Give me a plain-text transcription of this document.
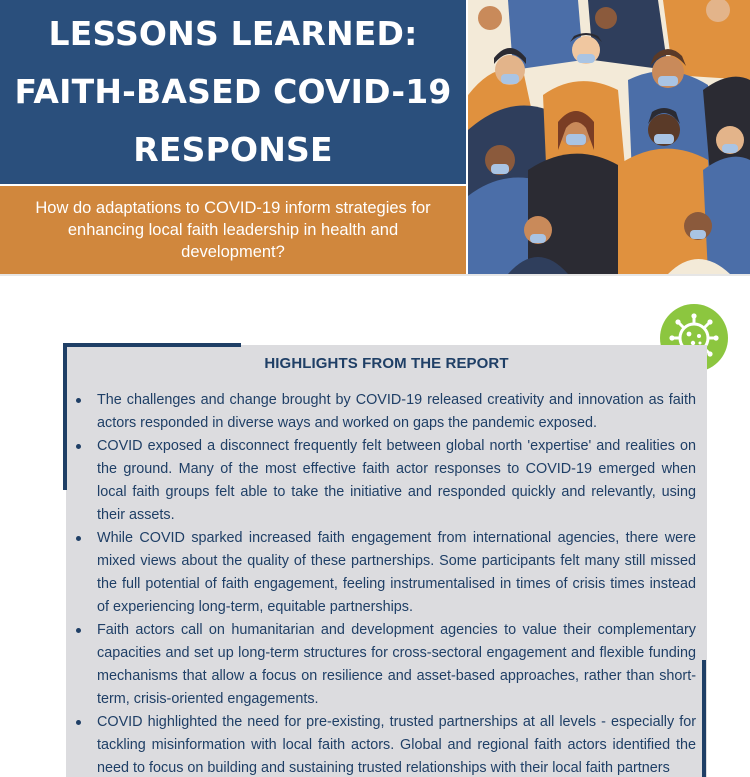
LESSONS LEARNED:
FAITH-BASED COVID-19
RESPONSE
How do adaptations to COVID-19 inform strategies for enhancing local faith leadership in health and development?
HIGHLIGHTS FROM THE REPORT
The challenges and change brought by COVID-19 released creativity and innovation as faith actors responded in diverse ways and worked on gaps the pandemic exposed.
COVID exposed a disconnect frequently felt between global north 'expertise' and realities on the ground. Many of the most effective faith actor responses to COVID-19 emerged when local faith groups felt able to take the initiative and responded quickly and relevantly, using their assets.
While COVID sparked increased faith engagement from international agencies, there were mixed views about the quality of these partnerships. Some participants felt many still missed the full potential of faith engagement, feeling instrumentalised in times of crisis times instead of experiencing long-term, equitable partnerships.
Faith actors call on humanitarian and development agencies to value their complementary capacities and set up long-term structures for cross-sectoral engagement and flexible funding mechanisms that allow a focus on resilience and asset-based approaches, rather than short-term, crisis-oriented engagements.
COVID highlighted the need for pre-existing, trusted partnerships at all levels - especially for tackling misinformation with local faith actors. Global and regional faith actors identified the need to focus on building and sustaining trusted relationships with their local faith partners
